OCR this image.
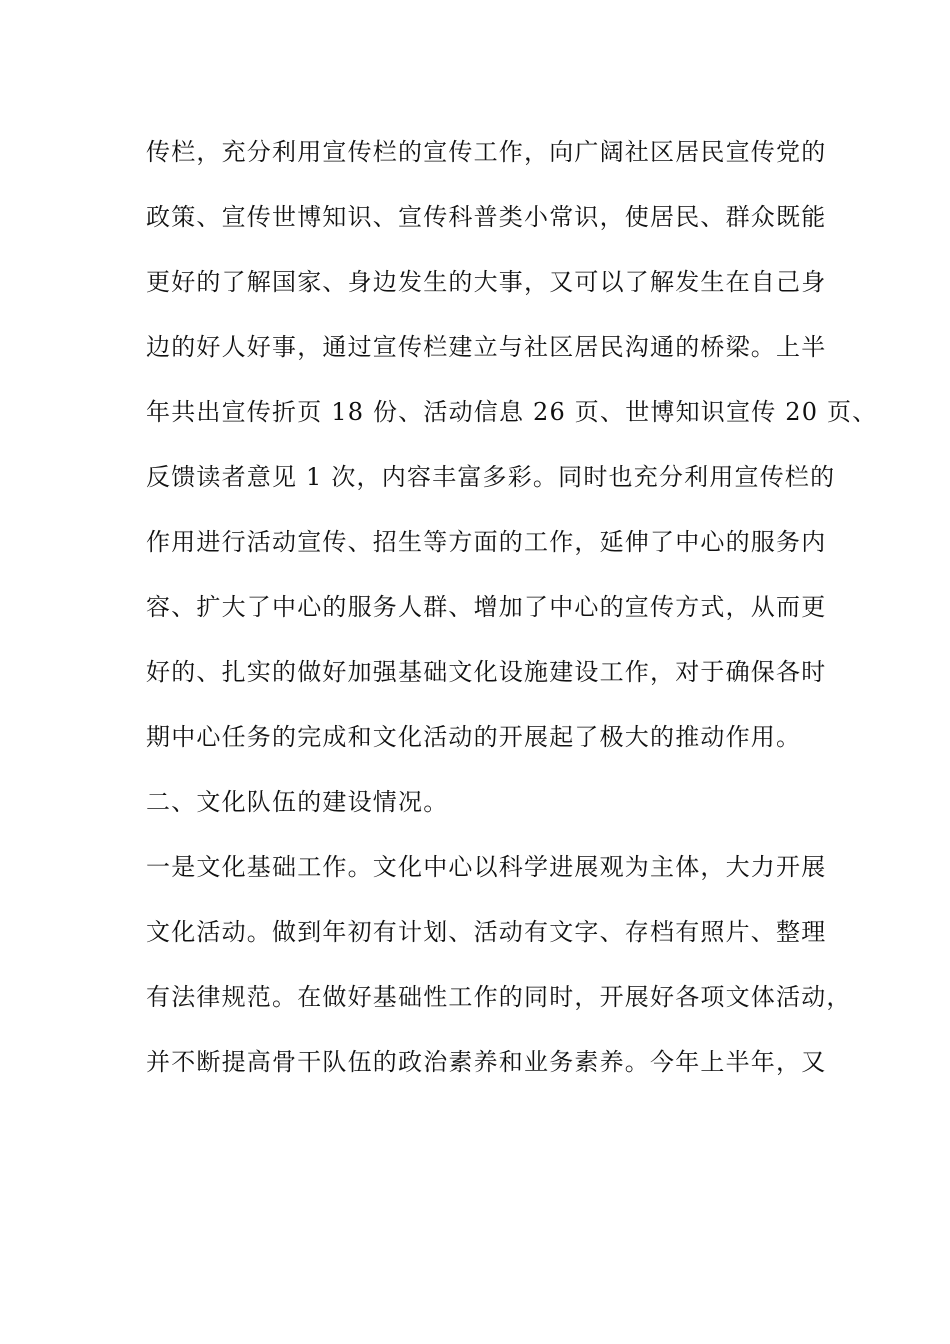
传栏，充分利用宣传栏的宣传工作，向广阔社区居民宣传党的
政策、宣传世博知识、宣传科普类小常识，使居民、群众既能
更好的了解国家、身边发生的大事，又可以了解发生在自己身
边的好人好事，通过宣传栏建立与社区居民沟通的桥梁。上半
年共出宣传折页 18 份、活动信息 26 页、世博知识宣传 20 页、
反馈读者意见 1 次，内容丰富多彩。同时也充分利用宣传栏的
作用进行活动宣传、招生等方面的工作，延伸了中心的服务内
容、扩大了中心的服务人群、增加了中心的宣传方式，从而更
好的、扎实的做好加强基础文化设施建设工作，对于确保各时
期中心任务的完成和文化活动的开展起了极大的推动作用。
二、文化队伍的建设情况。
一是文化基础工作。文化中心以科学进展观为主体，大力开展
文化活动。做到年初有计划、活动有文字、存档有照片、整理
有法律规范。在做好基础性工作的同时，开展好各项文体活动，
并不断提高骨干队伍的政治素养和业务素养。今年上半年，又
